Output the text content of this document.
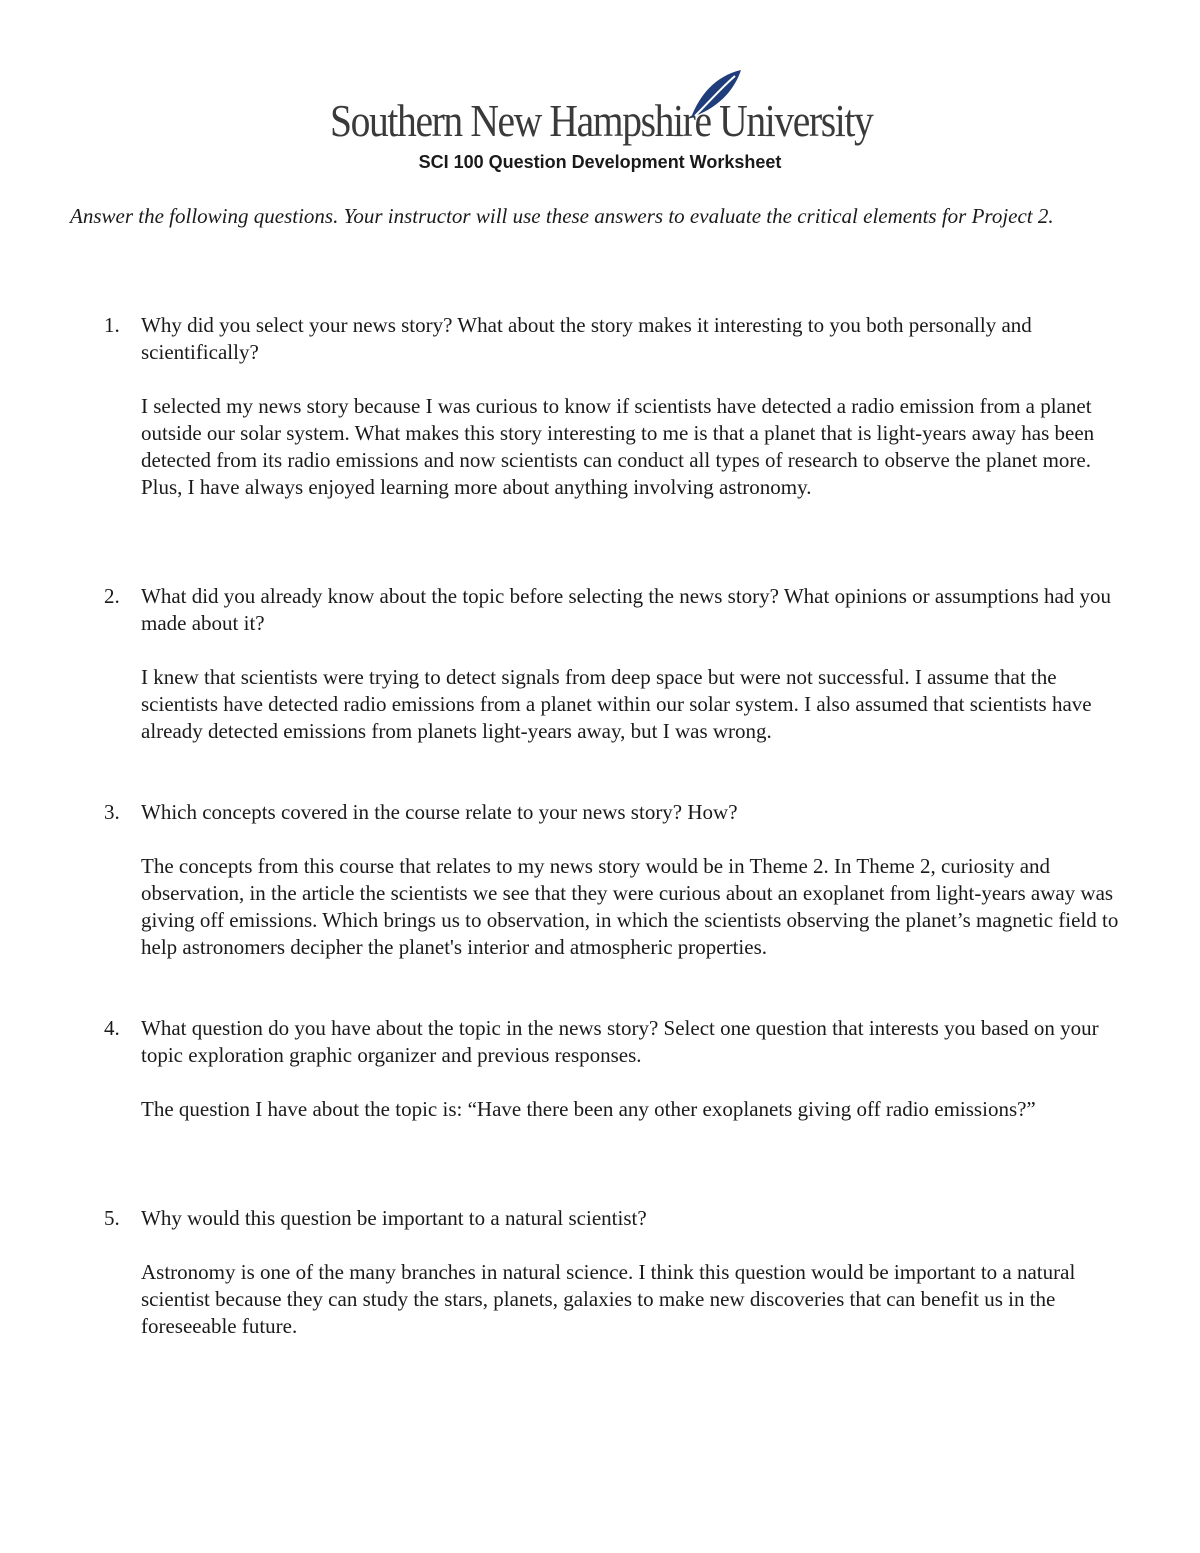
Southern New Hampshire University
SCI 100 Question Development Worksheet
Answer the following questions. Your instructor will use these answers to evaluate the critical elements for Project 2.
1. Why did you select your news story? What about the story makes it interesting to you both personally and scientifically?
I selected my news story because I was curious to know if scientists have detected a radio emission from a planet outside our solar system. What makes this story interesting to me is that a planet that is light-years away has been detected from its radio emissions and now scientists can conduct all types of research to observe the planet more. Plus, I have always enjoyed learning more about anything involving astronomy.
2. What did you already know about the topic before selecting the news story? What opinions or assumptions had you made about it?
I knew that scientists were trying to detect signals from deep space but were not successful. I assume that the scientists have detected radio emissions from a planet within our solar system. I also assumed that scientists have already detected emissions from planets light-years away, but I was wrong.
3. Which concepts covered in the course relate to your news story? How?
The concepts from this course that relates to my news story would be in Theme 2. In Theme 2, curiosity and observation, in the article the scientists we see that they were curious about an exoplanet from light-years away was giving off emissions. Which brings us to observation, in which the scientists observing the planet’s magnetic field to help astronomers decipher the planet's interior and atmospheric properties.
4. What question do you have about the topic in the news story? Select one question that interests you based on your topic exploration graphic organizer and previous responses.
The question I have about the topic is: “Have there been any other exoplanets giving off radio emissions?”
5. Why would this question be important to a natural scientist?
Astronomy is one of the many branches in natural science. I think this question would be important to a natural scientist because they can study the stars, planets, galaxies to make new discoveries that can benefit us in the foreseeable future.
